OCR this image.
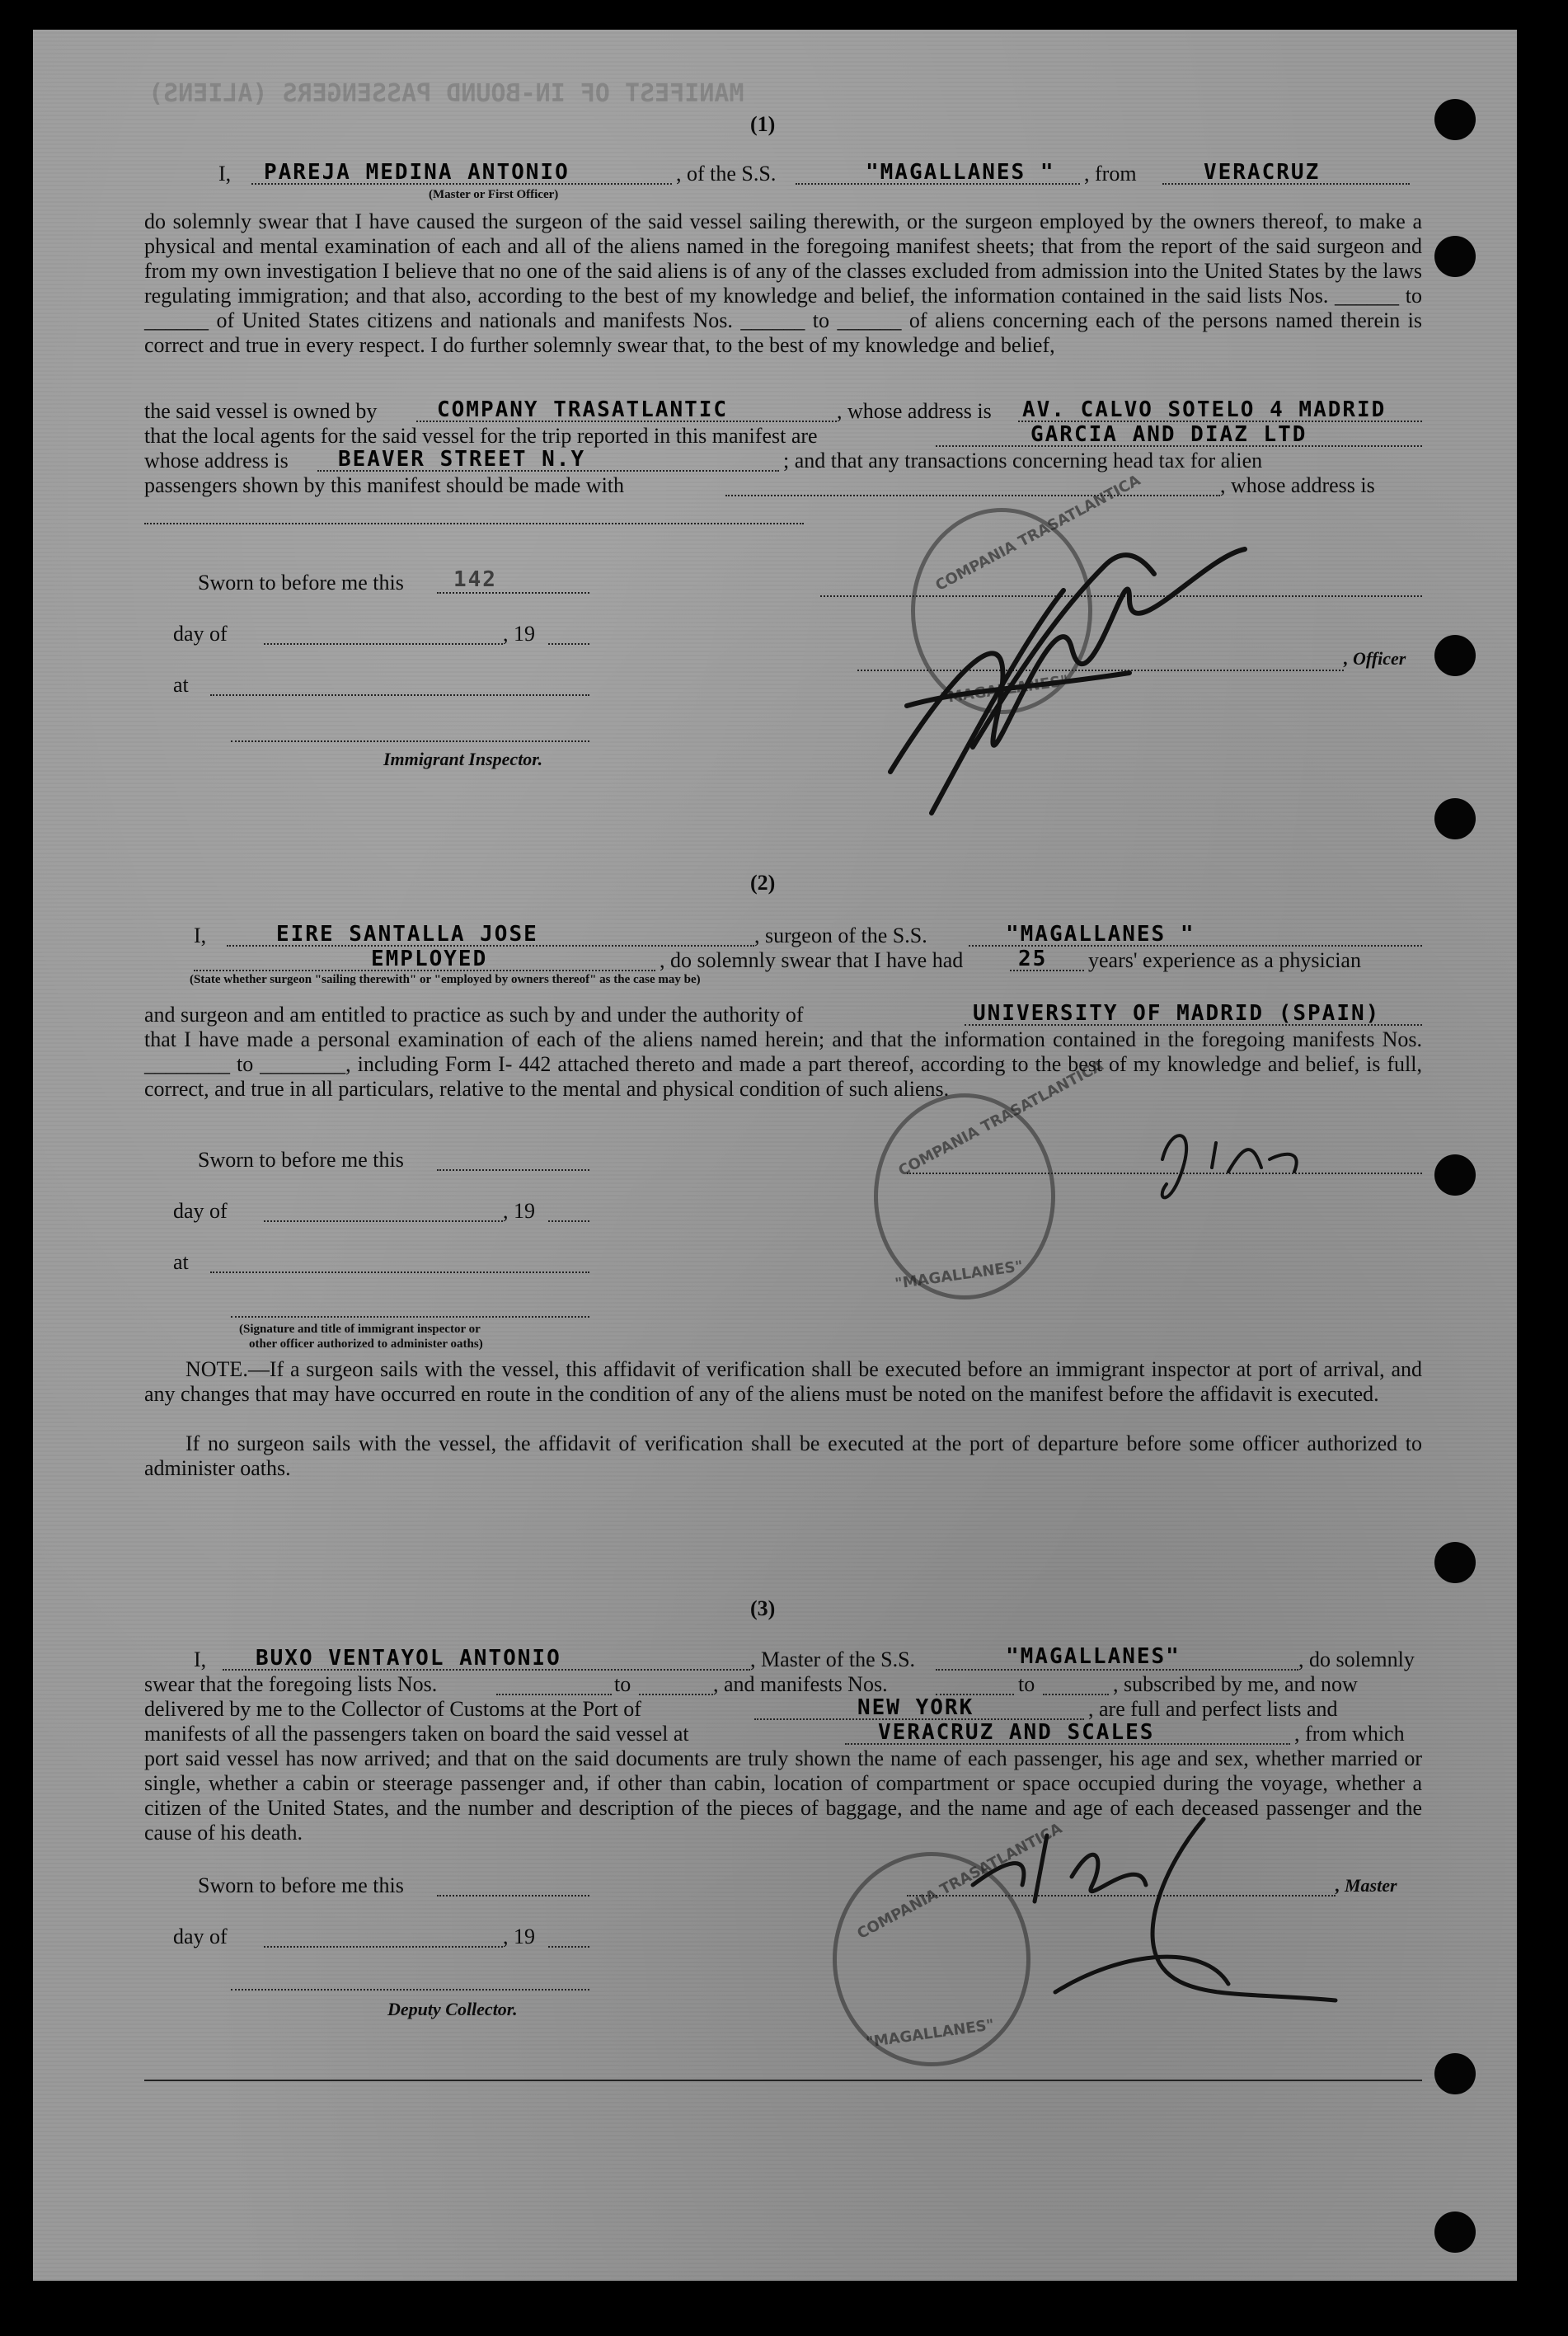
MANIFEST OF IN-BOUND PASSENGERS (ALIENS)
(1)
I, PAREJA MEDINA ANTONIO
(Master or First Officer)
, of the S.S.	"MAGALLANES " , from	VERACRUZ

do solemnly swear that I have caused the surgeon of the said vessel sailing therewith, or the surgeon employed by the owners thereof, to make a physical and mental examination of each and all of the aliens named in the foregoing manifest sheets; that from the report of the said surgeon and from my own investigation I believe that no one of the said aliens is of any of the classes excluded from admission into the United States by the laws regulating immigration; and that also, according to the best of my knowledge and belief, the information contained in the said lists Nos. ______ to ______ of United States citizens and nationals and manifests Nos. ______ to ______ of aliens concerning each of the persons named therein is correct and true in every respect. I do further solemnly swear that, to the best of my knowledge and belief,

the said vessel is owned by	COMPANY TRASATLANTIC	, whose address is AV. CALVO SOTELO 4 MADRID
that the local agents for the said vessel for the trip reported in this manifest are	GARCIA AND DIAZ LTD
whose address is BEAVER STREET N.Y	; and that any transactions concerning head tax for alien
passengers shown by this manifest should be made with	, whose address is
Sworn to before me this 142
day of	, 19
at
Immigrant Inspector.
, Officer
COMPANIA TRASATLANTICA
"MAGALLANES"
(2)
I,	EIRE SANTALLA JOSE	, surgeon of the S.S.	"MAGALLANES "
EMPLOYED	, do solemnly swear that I have had	25 years' experience as a physician
(State whether surgeon "sailing therewith" or "employed by owners thereof" as the case may be)
and surgeon and am entitled to practice as such by and under the authority of	UNIVERSITY OF MADRID (SPAIN)

that I have made a personal examination of each of the aliens named herein; and that the information contained in the foregoing manifests Nos. ________ to ________, including Form I- 442 attached thereto and made a part thereof, according to the best of my knowledge and belief, is full, correct, and true in all particulars, relative to the mental and physical condition of such aliens.

Sworn to before me this
day of	, 19
at
(Signature and title of immigrant inspector or
other officer authorized to administer oaths)
COMPANIA TRASATLANTICA
"MAGALLANES"

NOTE.—If a surgeon sails with the vessel, this affidavit of verification shall be executed before an immigrant inspector at port of arrival, and any changes that may have occurred en route in the condition of any of the aliens must be noted on the manifest before the affidavit is executed.

If no surgeon sails with the vessel, the affidavit of verification shall be executed at the port of departure before some officer authorized to administer oaths.

(3)
I, BUXO VENTAYOL ANTONIO	, Master of the S.S.	"MAGALLANES"	, do solemnly
swear that the foregoing lists Nos.	to	, and manifests Nos.	to	, subscribed by me, and now
delivered by me to the Collector of Customs at the Port of	NEW YORK	, are full and perfect lists and
manifests of all the passengers taken on board the said vessel at	VERACRUZ AND SCALES	, from which

port said vessel has now arrived; and that on the said documents are truly shown the name of each passenger, his age and sex, whether married or single, whether a cabin or steerage passenger and, if other than cabin, location of compartment or space occupied during the voyage, whether a citizen of the United States, and the number and description of the pieces of baggage, and the name and age of each deceased passenger and the cause of his death.

Sworn to before me this
day of	, 19
Deputy Collector.
, Master
COMPANIA TRASATLANTICA
"MAGALLANES"
